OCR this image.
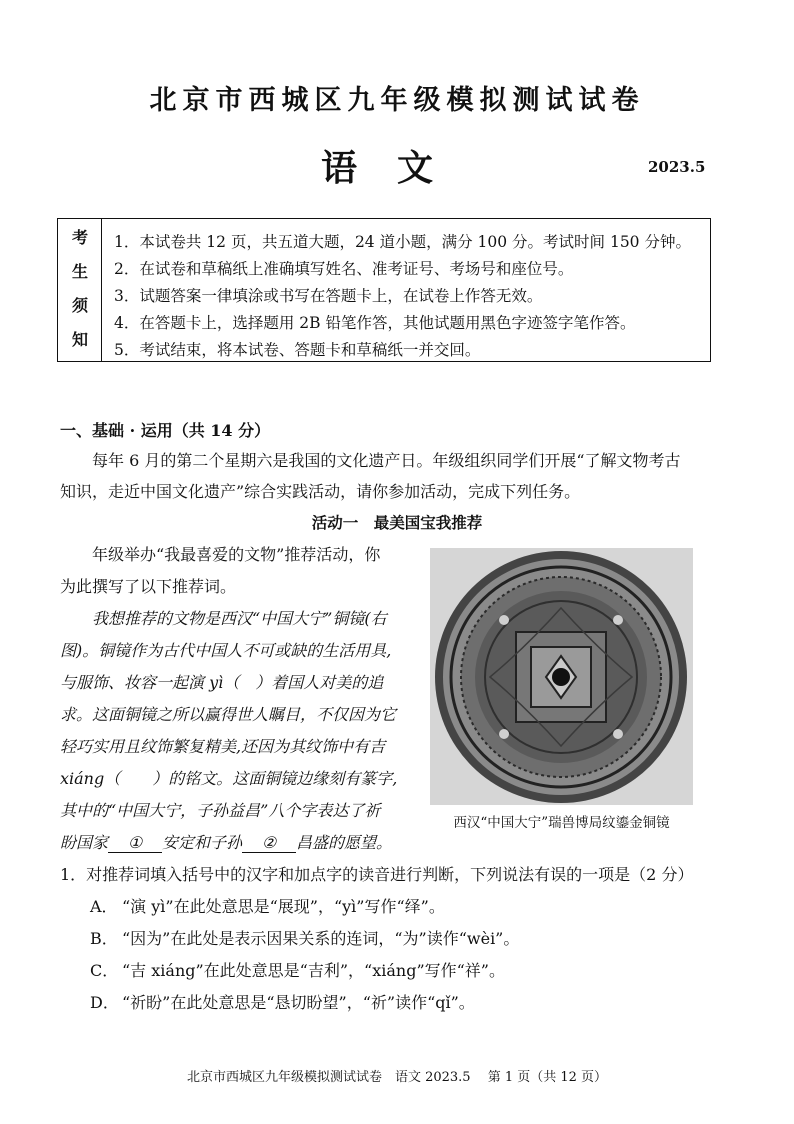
北京市西城区九年级模拟测试试卷
语文	2023.5
考
生
须
知
1．本试卷共 12 页，共五道大题，24 道小题，满分 100 分。考试时间 150 分钟。
2．在试卷和草稿纸上准确填写姓名、准考证号、考场号和座位号。
3．试题答案一律填涂或书写在答题卡上，在试卷上作答无效。
4．在答题卡上，选择题用 2B 铅笔作答，其他试题用黑色字迹签字笔作答。
5．考试结束，将本试卷、答题卡和草稿纸一并交回。
一、基础 · 运用（共 14 分）
每年 6 月的第二个星期六是我国的文化遗产日。年级组织同学们开展“了解文物考古
知识，走近中国文化遗产”综合实践活动，请你参加活动，完成下列任务。
活动一　最美国宝我推荐
年级举办“我最喜爱的文物”推荐活动，你
为此撰写了以下推荐词。
我想推荐的文物是西汉“中国大宁”铜镜(右
图)。铜镜作为古代中国人不可或缺的生活用具,
与服饰、妆容一起演 yì（　）着国人对美的追
求。这面铜镜之所以赢得世人瞩目，不仅因为它
轻巧实用且纹饰繁复精美,还因为其纹饰中有吉
xiáng（　　）的铭文。这面铜镜边缘刻有篆字,
其中的“中国大宁，子孙益昌”八个字表达了祈
盼国家 ① 安定和子孙 ② 昌盛的愿望。
西汉“中国大宁”瑞兽博局纹鎏金铜镜
1．对推荐词填入括号中的汉字和加点字的读音进行判断，下列说法有误的一项是（2 分）
A． “演 yì”在此处意思是“展现”，“yì”写作“绎”。
B． “因为”在此处是表示因果关系的连词，“为”读作“wèi”。
C． “吉 xiáng”在此处意思是“吉利”，“xiáng”写作“祥”。
D． “祈盼”在此处意思是“恳切盼望”，“祈”读作“qǐ”。
北京市西城区九年级模拟测试试卷　语文 2023.5　 第 1 页（共 12 页）
